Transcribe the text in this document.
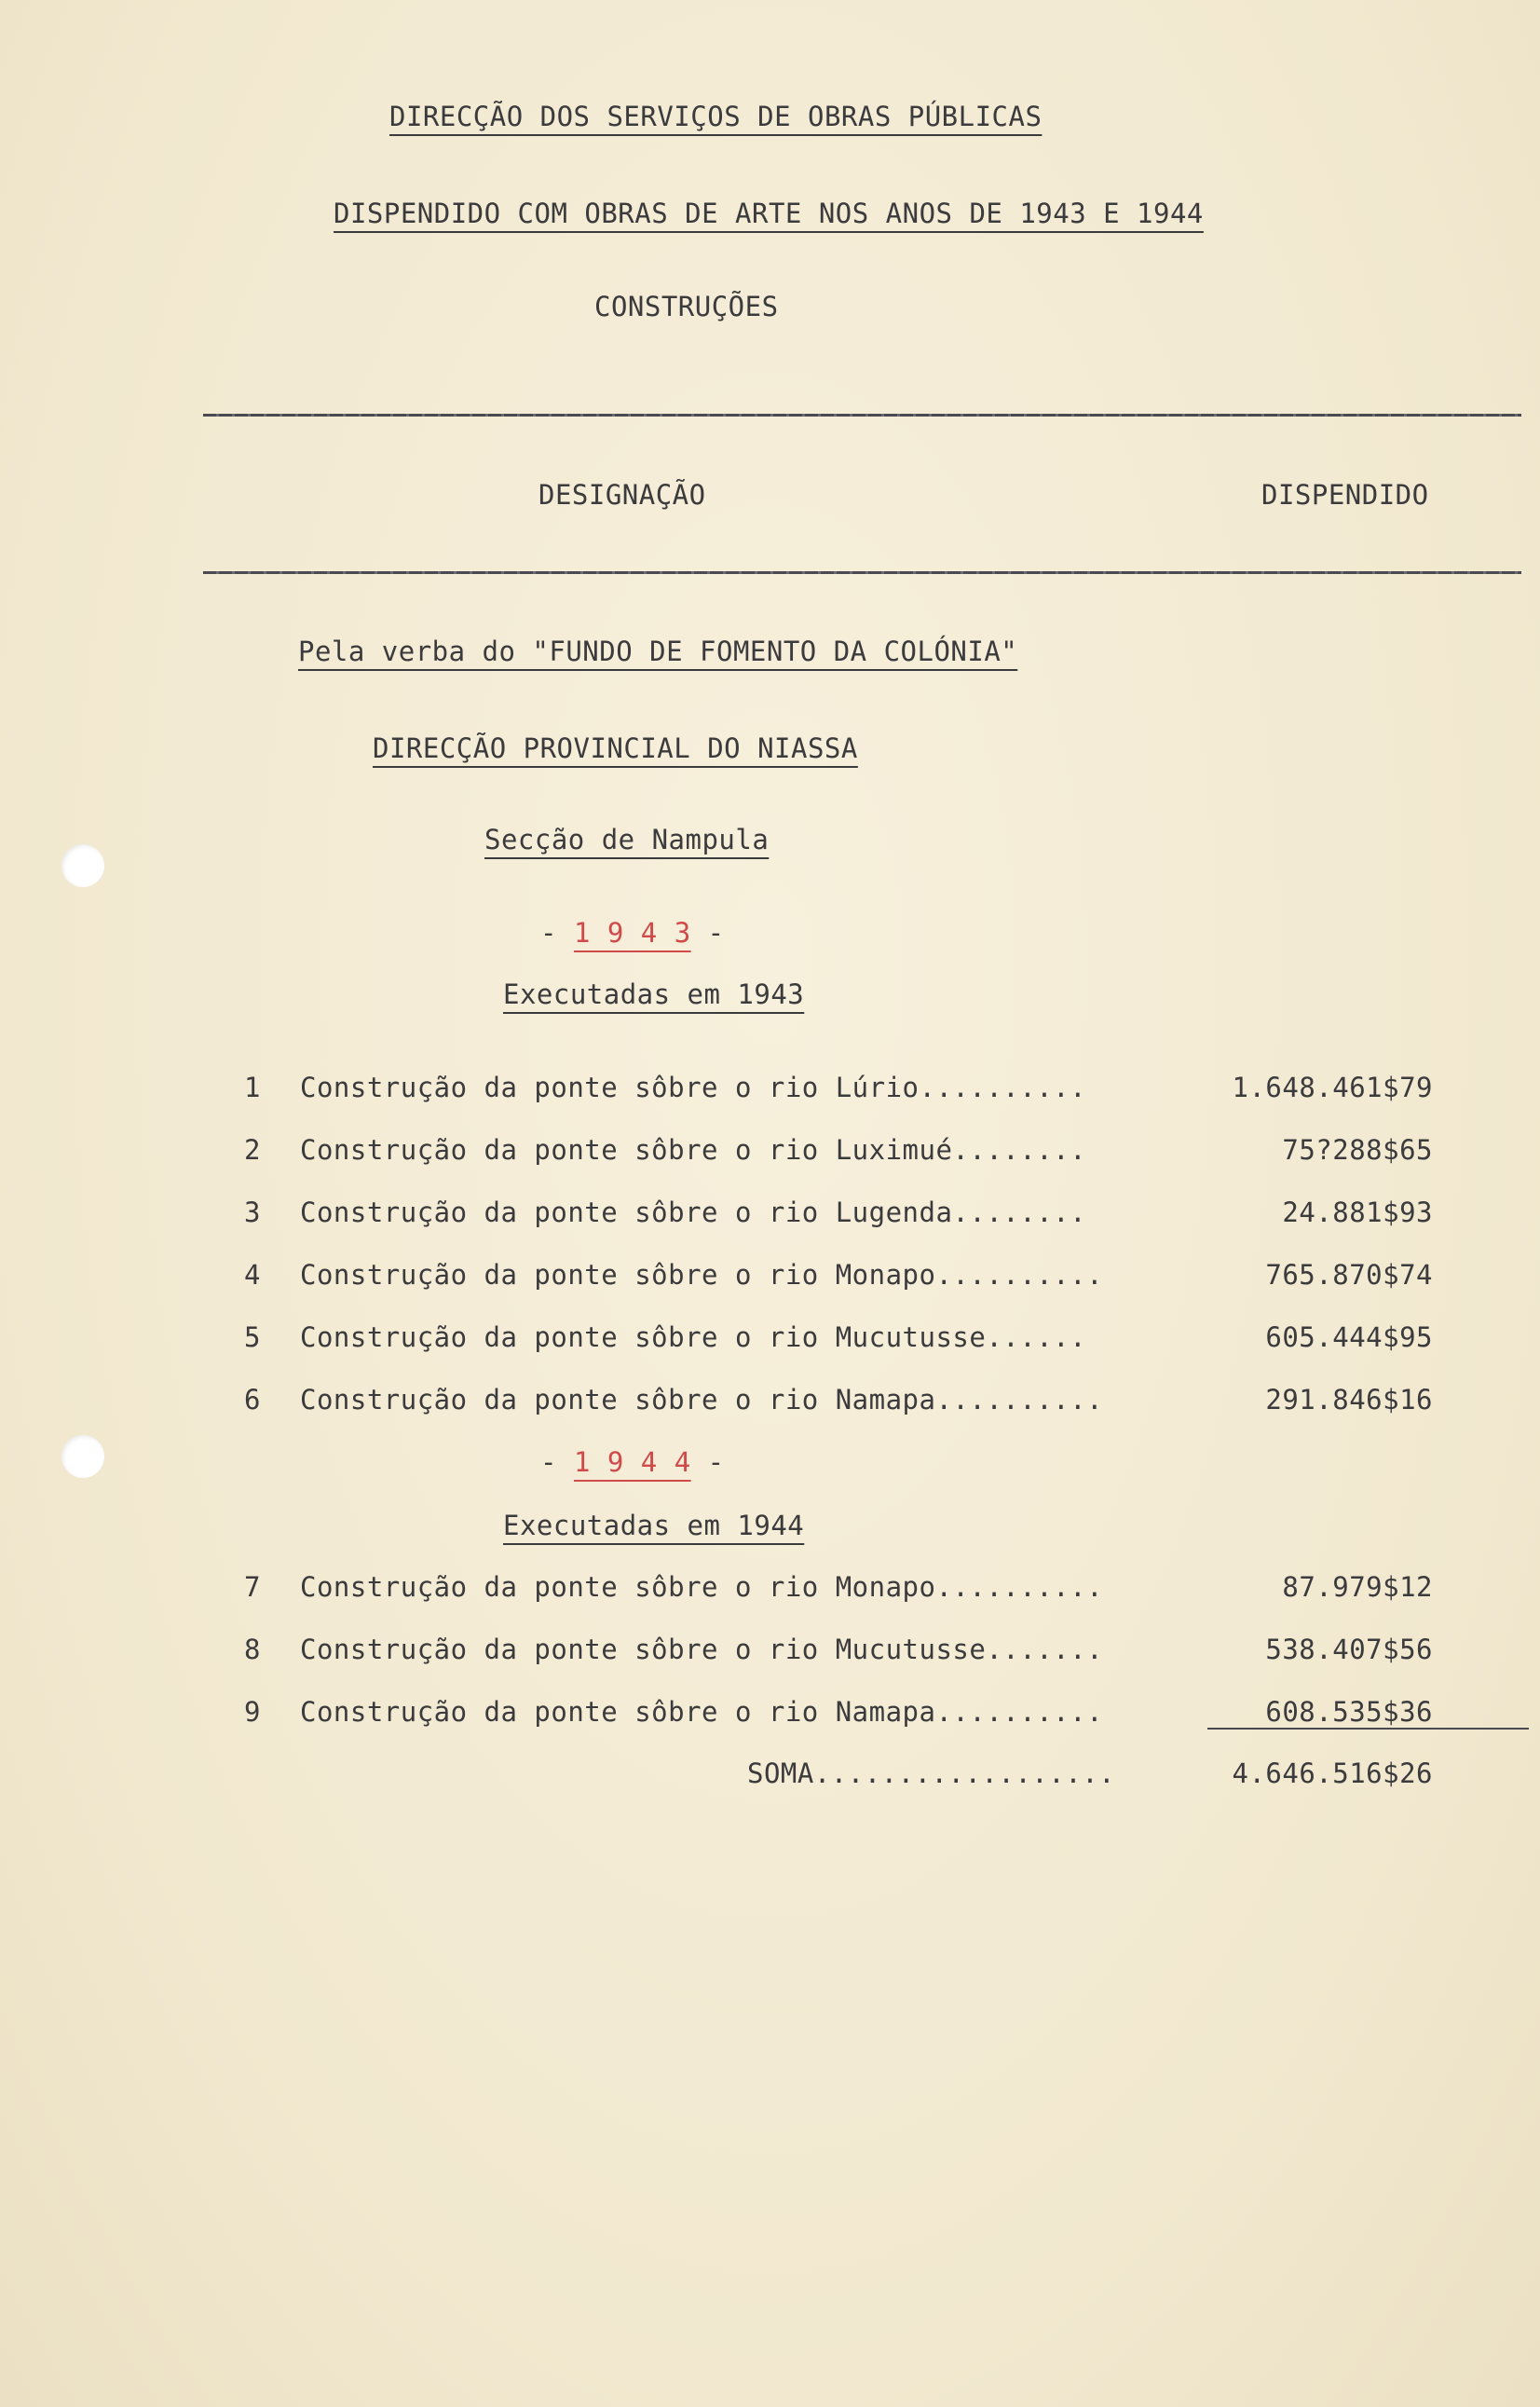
DIRECÇÃO DOS SERVIÇOS DE OBRAS PÚBLICAS
DISPENDIDO COM OBRAS DE ARTE NOS ANOS DE 1943 E 1944
CONSTRUÇÕES
DESIGNAÇÃO	DISPENDIDO
Pela verba do "FUNDO DE FOMENTO DA COLÓNIA"
DIRECÇÃO PROVINCIAL DO NIASSA
Secção de Nampula
- 1 9 4 3 -
Executadas em 1943
1 Construção da ponte sôbre o rio Lúrio..........	1.648.461$79
2 Construção da ponte sôbre o rio Luximué........	75?288$65
3 Construção da ponte sôbre o rio Lugenda........	24.881$93
4 Construção da ponte sôbre o rio Monapo..........	765.870$74
5 Construção da ponte sôbre o rio Mucutusse......	605.444$95
6 Construção da ponte sôbre o rio Namapa..........	291.846$16
- 1 9 4 4 -
Executadas em 1944
7 Construção da ponte sôbre o rio Monapo..........	87.979$12
8 Construção da ponte sôbre o rio Mucutusse.......	538.407$56
9 Construção da ponte sôbre o rio Namapa..........	608.535$36
SOMA..................	4.646.516$26
